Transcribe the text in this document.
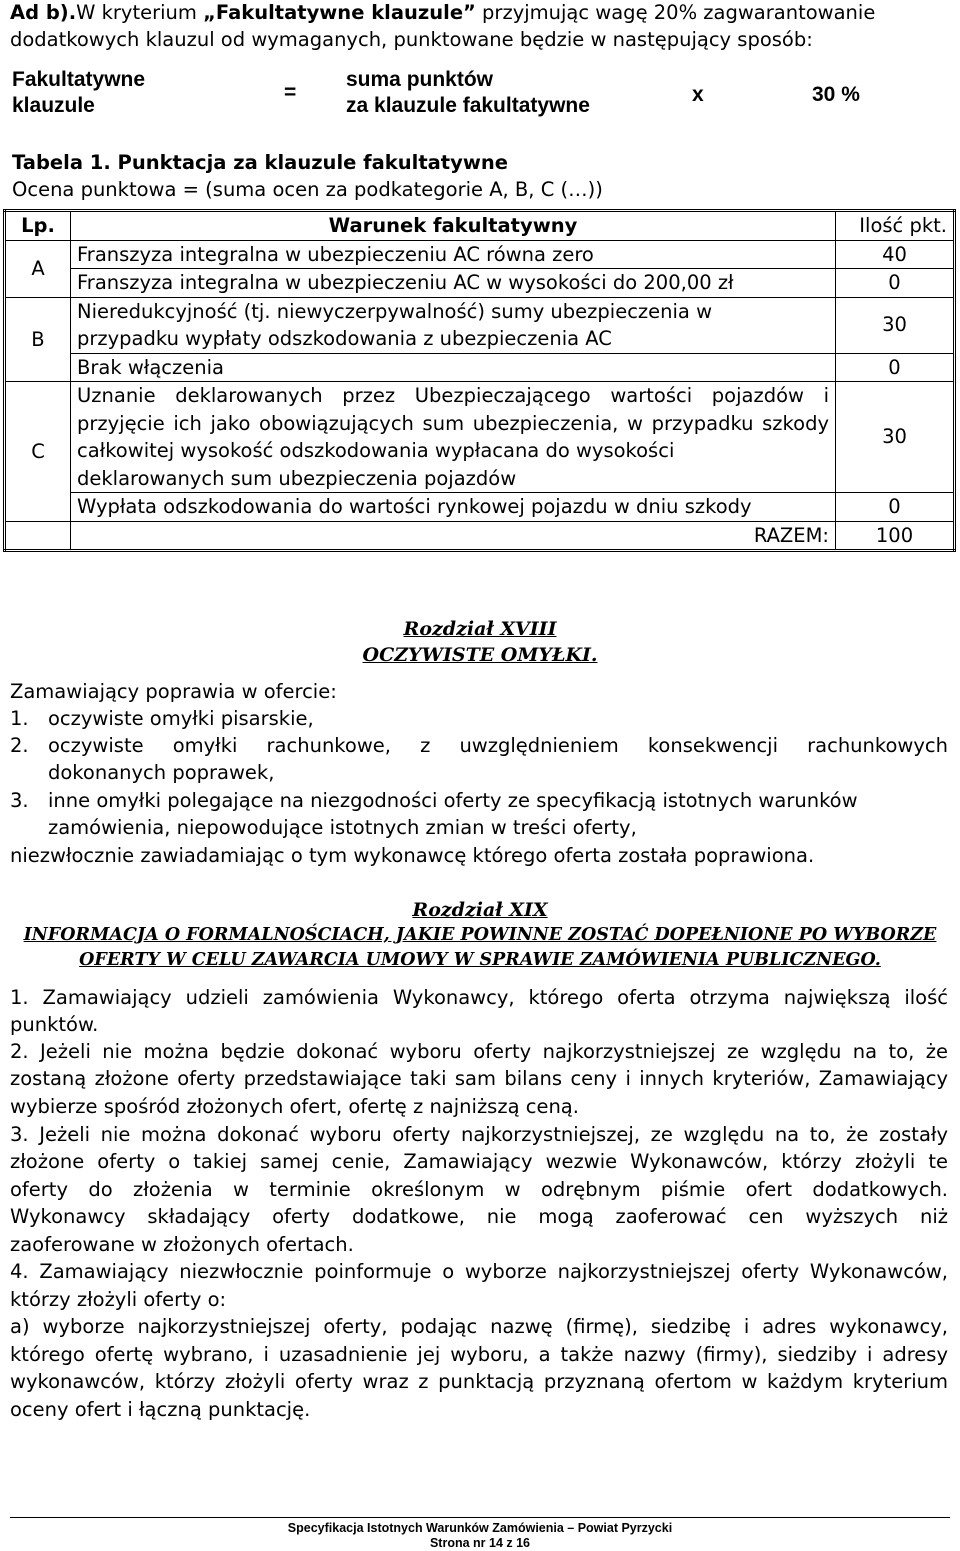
Ad b).W kryterium „Fakultatywne klauzule” przyjmując wagę 20% zagwarantowanie
dodatkowych klauzul od wymaganych, punktowane będzie w następujący sposób:
Fakultatywne
klauzule
=
suma punktów
za klauzule fakultatywne	x	30 %
Tabela 1. Punktacja za klauzule fakultatywne
Ocena punktowa = (suma ocen za podkategorie A, B, C (…))
Lp.	Warunek fakultatywny	Ilość pkt.
A	Franszyza integralna w ubezpieczeniu AC równa zero	40
	Franszyza integralna w ubezpieczeniu AC w wysokości do 200,00 zł	0
B	Nieredukcyjność (tj. niewyczerpywalność) sumy ubezpieczenia w
przypadku wypłaty odszkodowania z ubezpieczenia AC	30
	Brak włączenia	0
C	Uznanie deklarowanych przez Ubezpieczającego wartości pojazdów i
przyjęcie ich jako obowiązujących sum ubezpieczenia, w przypadku szkody
całkowitej wysokość odszkodowania wypłacana do wysokości
deklarowanych sum ubezpieczenia pojazdów	30
	Wypłata odszkodowania do wartości rynkowej pojazdu w dniu szkody	0
	RAZEM:	100
Rozdział XVIII
OCZYWISTE OMYŁKI.
Zamawiający poprawia w ofercie:
1. oczywiste omyłki pisarskie,
2. oczywiste omyłki rachunkowe, z uwzględnieniem konsekwencji rachunkowych
dokonanych poprawek,
3. inne omyłki polegające na niezgodności oferty ze specyfikacją istotnych warunków
zamówienia, niepowodujące istotnych zmian w treści oferty,
niezwłocznie zawiadamiając o tym wykonawcę którego oferta została poprawiona.
Rozdział XIX
INFORMACJA O FORMALNOŚCIACH, JAKIE POWINNE ZOSTAĆ DOPEŁNIONE PO WYBORZE
OFERTY W CELU ZAWARCIA UMOWY W SPRAWIE ZAMÓWIENIA PUBLICZNEGO.
1. Zamawiający udzieli zamówienia Wykonawcy, którego oferta otrzyma największą ilość
punktów.
2. Jeżeli nie można będzie dokonać wyboru oferty najkorzystniejszej ze względu na to, że
zostaną złożone oferty przedstawiające taki sam bilans ceny i innych kryteriów, Zamawiający
wybierze spośród złożonych ofert, ofertę z najniższą ceną.
3. Jeżeli nie można dokonać wyboru oferty najkorzystniejszej, ze względu na to, że zostały
złożone oferty o takiej samej cenie, Zamawiający wezwie Wykonawców, którzy złożyli te
oferty do złożenia w terminie określonym w odrębnym piśmie ofert dodatkowych.
Wykonawcy składający oferty dodatkowe, nie mogą zaoferować cen wyższych niż
zaoferowane w złożonych ofertach.
4. Zamawiający niezwłocznie poinformuje o wyborze najkorzystniejszej oferty Wykonawców,
którzy złożyli oferty o:
a) wyborze najkorzystniejszej oferty, podając nazwę (firmę), siedzibę i adres wykonawcy,
którego ofertę wybrano, i uzasadnienie jej wyboru, a także nazwy (firmy), siedziby i adresy
wykonawców, którzy złożyli oferty wraz z punktacją przyznaną ofertom w każdym kryterium
oceny ofert i łączną punktację.
Specyfikacja Istotnych Warunków Zamówienia – Powiat Pyrzycki
Strona nr 14 z 16
